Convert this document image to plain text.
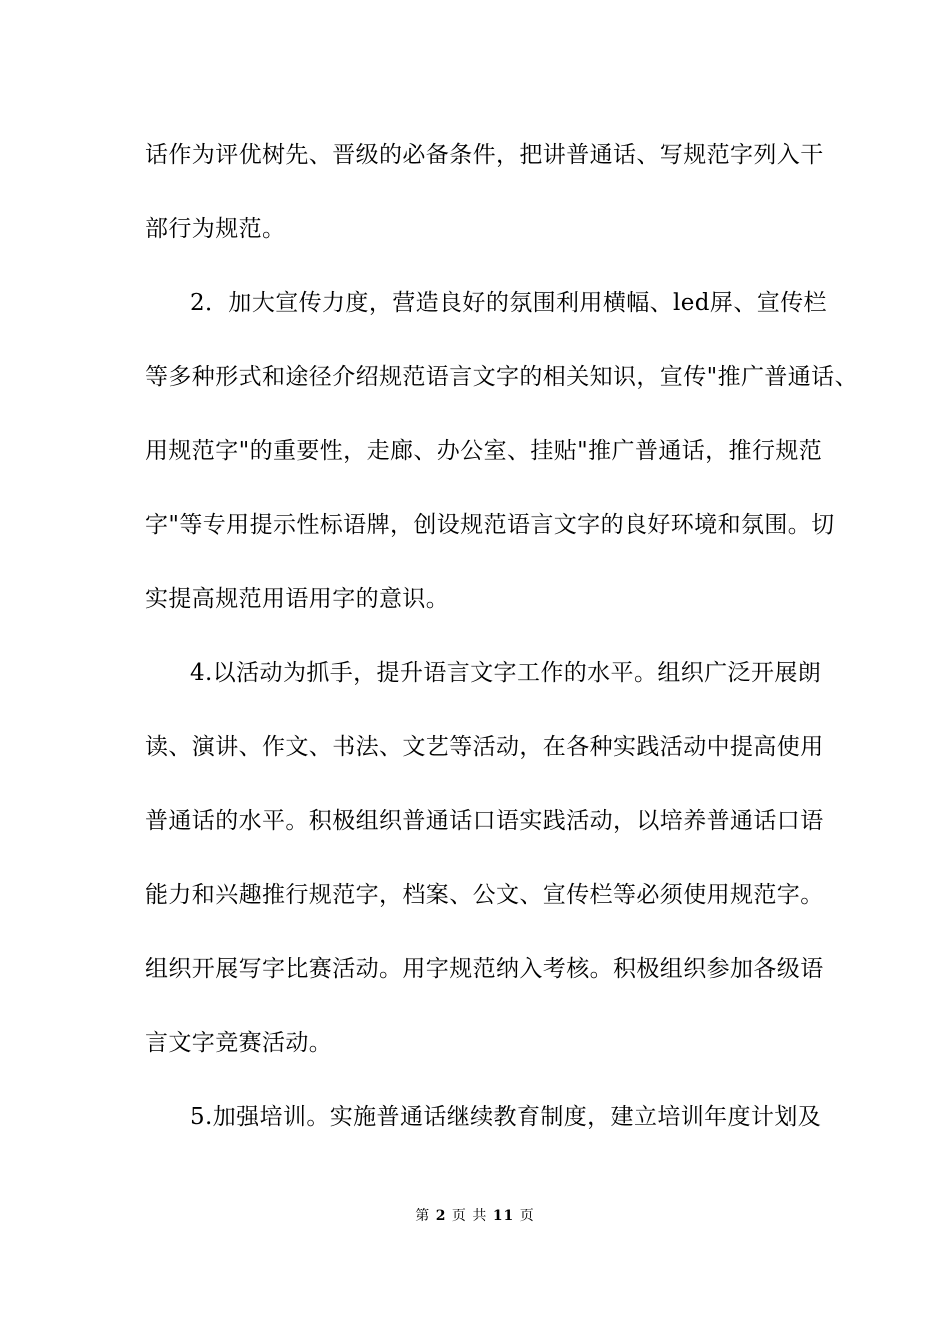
话作为评优树先、晋级的必备条件，把讲普通话、写规范字列入干
部行为规范。
2．加大宣传力度，营造良好的氛围利用横幅、led屏、宣传栏
等多种形式和途径介绍规范语言文字的相关知识，宣传"推广普通话、
用规范字"的重要性，走廊、办公室、挂贴"推广普通话，推行规范
字"等专用提示性标语牌，创设规范语言文字的良好环境和氛围。切
实提高规范用语用字的意识。
4.以活动为抓手，提升语言文字工作的水平。组织广泛开展朗
读、演讲、作文、书法、文艺等活动，在各种实践活动中提高使用
普通话的水平。积极组织普通话口语实践活动，以培养普通话口语
能力和兴趣推行规范字，档案、公文、宣传栏等必须使用规范字。
组织开展写字比赛活动。用字规范纳入考核。积极组织参加各级语
言文字竞赛活动。
5.加强培训。实施普通话继续教育制度，建立培训年度计划及
第 2 页 共 11 页
